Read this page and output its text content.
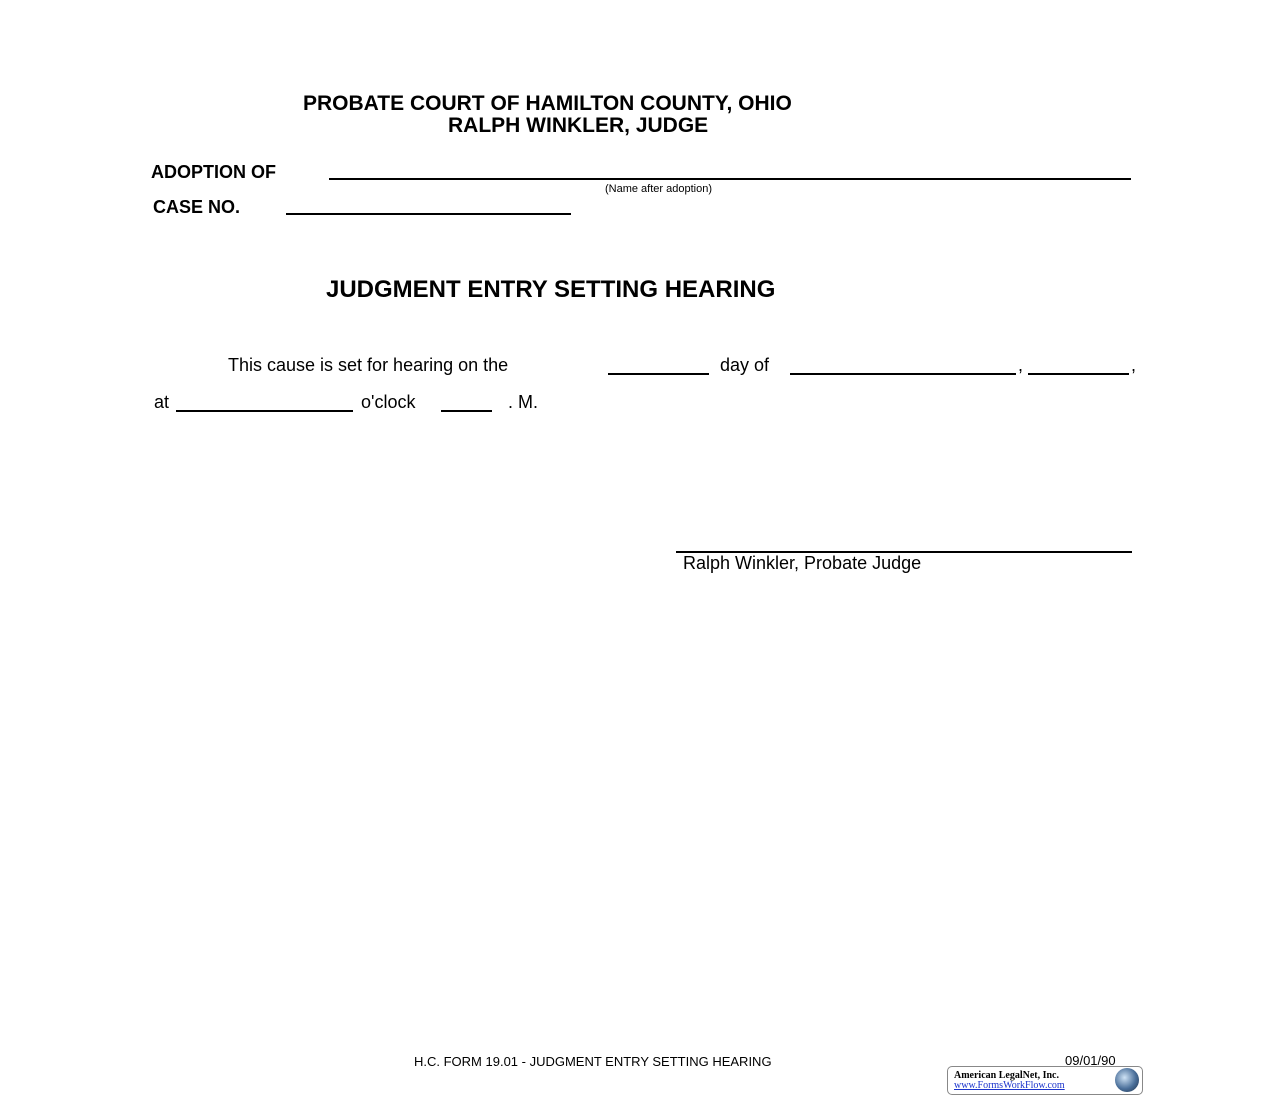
PROBATE COURT OF HAMILTON COUNTY, OHIO
RALPH WINKLER, JUDGE
ADOPTION OF
(Name after adoption)
CASE NO.
JUDGMENT ENTRY SETTING HEARING
This cause is set for hearing on the	day of	,	,
at	o'clock	. M.
Ralph Winkler, Probate Judge
H.C. FORM 19.01 - JUDGMENT ENTRY SETTING HEARING	09/01/90
American LegalNet, Inc.
www.FormsWorkFlow.com
